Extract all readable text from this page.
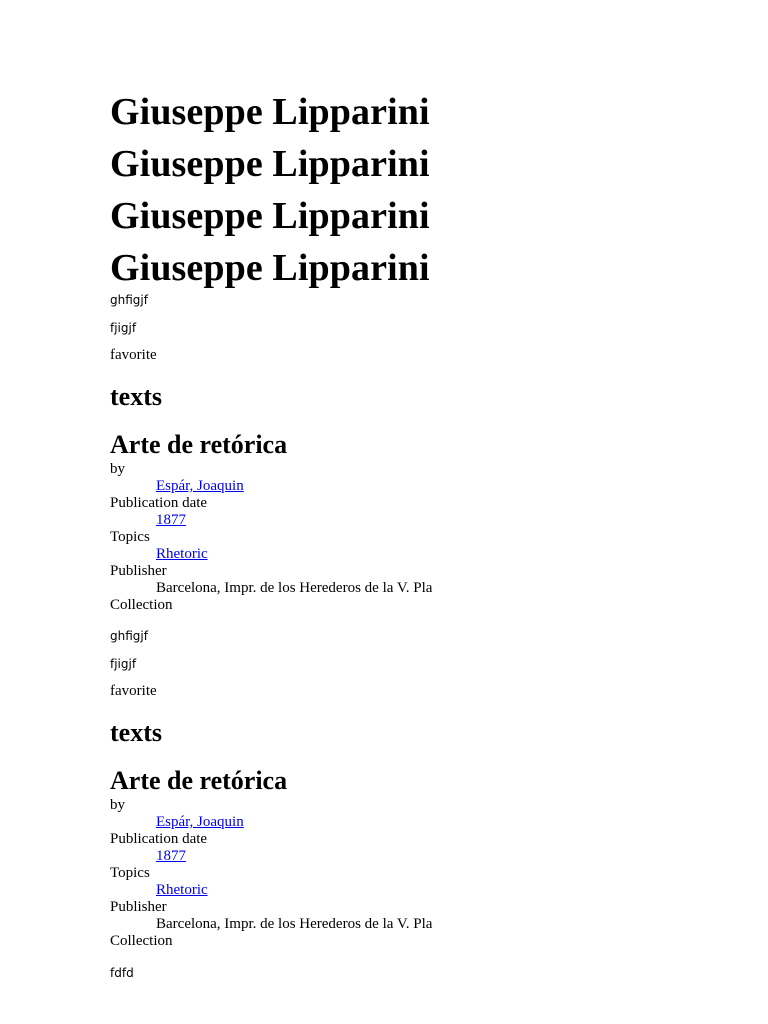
Giuseppe Lipparini
Giuseppe Lipparini
Giuseppe Lipparini
Giuseppe Lipparini

ghfigjf

fjigjf

favorite

texts
Arte de retórica
by
Espár, Joaquin
Publication date
1877
Topics
Rhetoric
Publisher
Barcelona, Impr. de los Herederos de la V. Pla
Collection

ghfigjf

fjigjf

favorite

texts
Arte de retórica
by
Espár, Joaquin
Publication date
1877
Topics
Rhetoric
Publisher
Barcelona, Impr. de los Herederos de la V. Pla
Collection

fdfd
